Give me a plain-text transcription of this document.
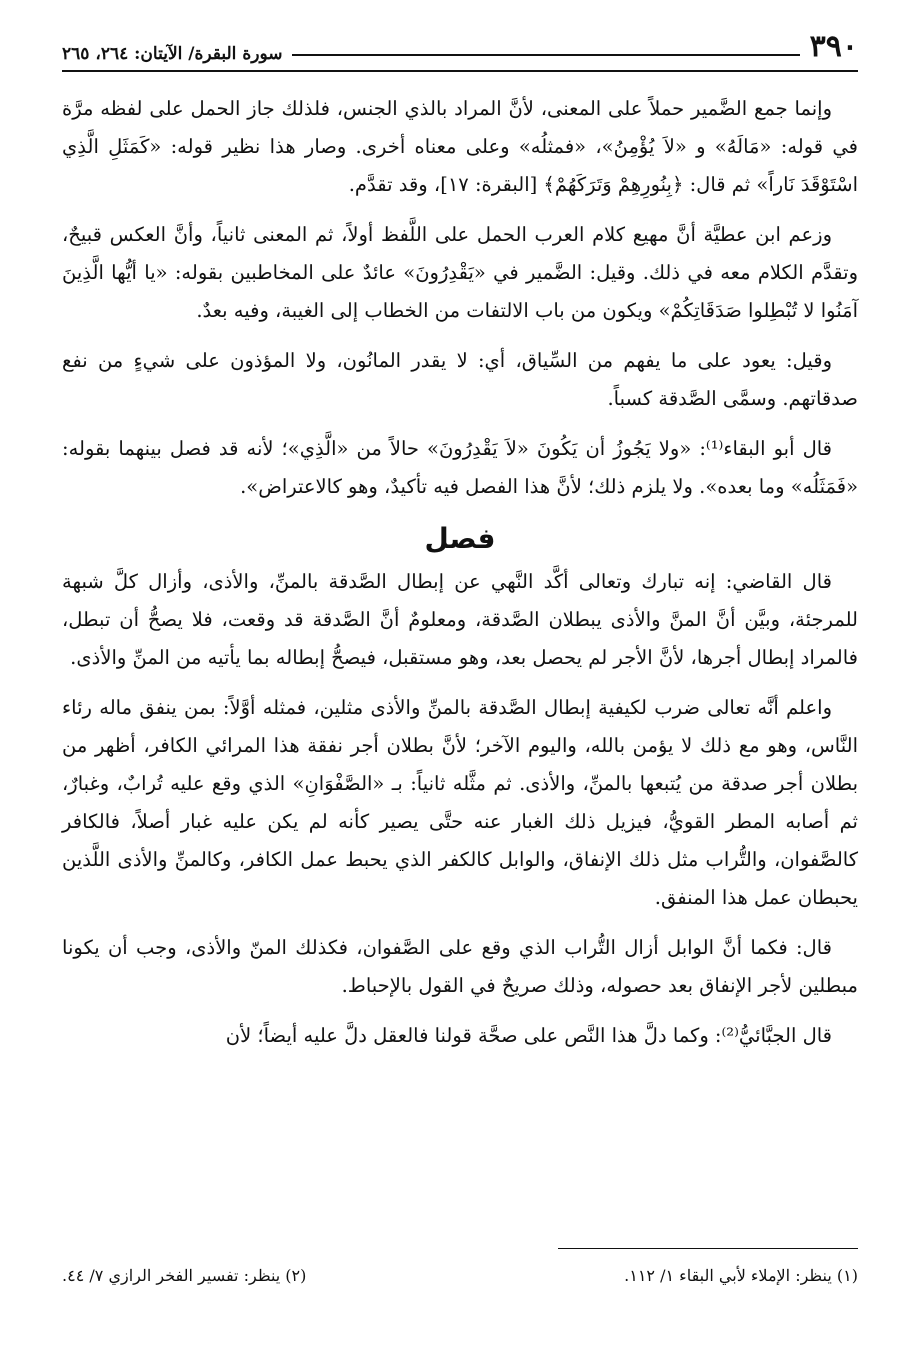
٣٩٠
سورة البقرة/ الآيتان: ٢٦٤، ٢٦٥

وإنما جمع الضَّمير حملاً على المعنى، لأنَّ المراد بالذي الجنس، فلذلك جاز الحمل على لفظه مرَّة في قوله: «مَالَهُ» و «لاَ يُؤْمِنُ»، «فمثلُه» وعلى معناه أخرى. وصار هذا نظير قوله: «كَمَثَلِ الَّذِي اسْتَوْقَدَ نَاراً» ثم قال: ﴿بِنُورِهِمْ وَتَرَكَهُمْ﴾ [البقرة: ١٧]، وقد تقدَّم.

وزعم ابن عطيَّة أنَّ مهيع كلام العرب الحمل على اللَّفظ أولاً، ثم المعنى ثانياً، وأنَّ العكس قبيحٌ، وتقدَّم الكلام معه في ذلك. وقيل: الضَّمير في «يَقْدِرُونَ» عائدٌ على المخاطبين بقوله: «يا أيُّها الَّذِينَ آمَنُوا لا تُبْطِلوا صَدَقَاتِكُمْ» ويكون من باب الالتفات من الخطاب إلى الغيبة، وفيه بعدٌ.

وقيل: يعود على ما يفهم من السِّياق، أي: لا يقدر المانُون، ولا المؤذون على شيءٍ من نفع صدقاتهم. وسمَّى الصَّدقة كسباً.

قال أبو البقاء⁽¹⁾: «ولا يَجُوزُ أن يَكُونَ «لاَ يَقْدِرُونَ» حالاً من «الَّذِي»؛ لأنه قد فصل بينهما بقوله: «فَمَثَلُه» وما بعده». ولا يلزم ذلك؛ لأنَّ هذا الفصل فيه تأكيدٌ، وهو كالاعتراض».

فصل

قال القاضي: إنه تبارك وتعالى أكَّد النَّهي عن إبطال الصَّدقة بالمنِّ، والأذى، وأزال كلَّ شبهة للمرجئة، وبيَّن أنَّ المنَّ والأذى يبطلان الصَّدقة، ومعلومٌ أنَّ الصَّدقة قد وقعت، فلا يصحُّ أن تبطل، فالمراد إبطال أجرها، لأنَّ الأجر لم يحصل بعد، وهو مستقبل، فيصحُّ إبطاله بما يأتيه من المنِّ والأذى.

واعلم أنَّه تعالى ضرب لكيفية إبطال الصَّدقة بالمنِّ والأذى مثلين، فمثله أوَّلاً: بمن ينفق ماله رئاء النَّاس، وهو مع ذلك لا يؤمن بالله، واليوم الآخر؛ لأنَّ بطلان أجر نفقة هذا المرائي الكافر، أظهر من بطلان أجر صدقة من يُتبعها بالمنِّ، والأذى. ثم مثَّله ثانياً: بـ «الصَّفْوَانِ» الذي وقع عليه تُرابٌ، وغبارٌ، ثم أصابه المطر القويُّ، فيزيل ذلك الغبار عنه حتَّى يصير كأنه لم يكن عليه غبار أصلاً، فالكافر كالصَّفوان، والتُّراب مثل ذلك الإنفاق، والوابل كالكفر الذي يحبط عمل الكافر، وكالمنِّ والأذى اللَّذين يحبطان عمل هذا المنفق.

قال: فكما أنَّ الوابل أزال التُّراب الذي وقع على الصَّفوان، فكذلك المنّ والأذى، وجب أن يكونا مبطلين لأجر الإنفاق بعد حصوله، وذلك صريحٌ في القول بالإحباط.

قال الجبَّائيُّ⁽²⁾: وكما دلَّ هذا النَّص على صحَّة قولنا فالعقل دلَّ عليه أيضاً؛ لأن

(١) ينظر: الإملاء لأبي البقاء ١/ ١١٢.
(٢) ينظر: تفسير الفخر الرازي ٧/ ٤٤.
